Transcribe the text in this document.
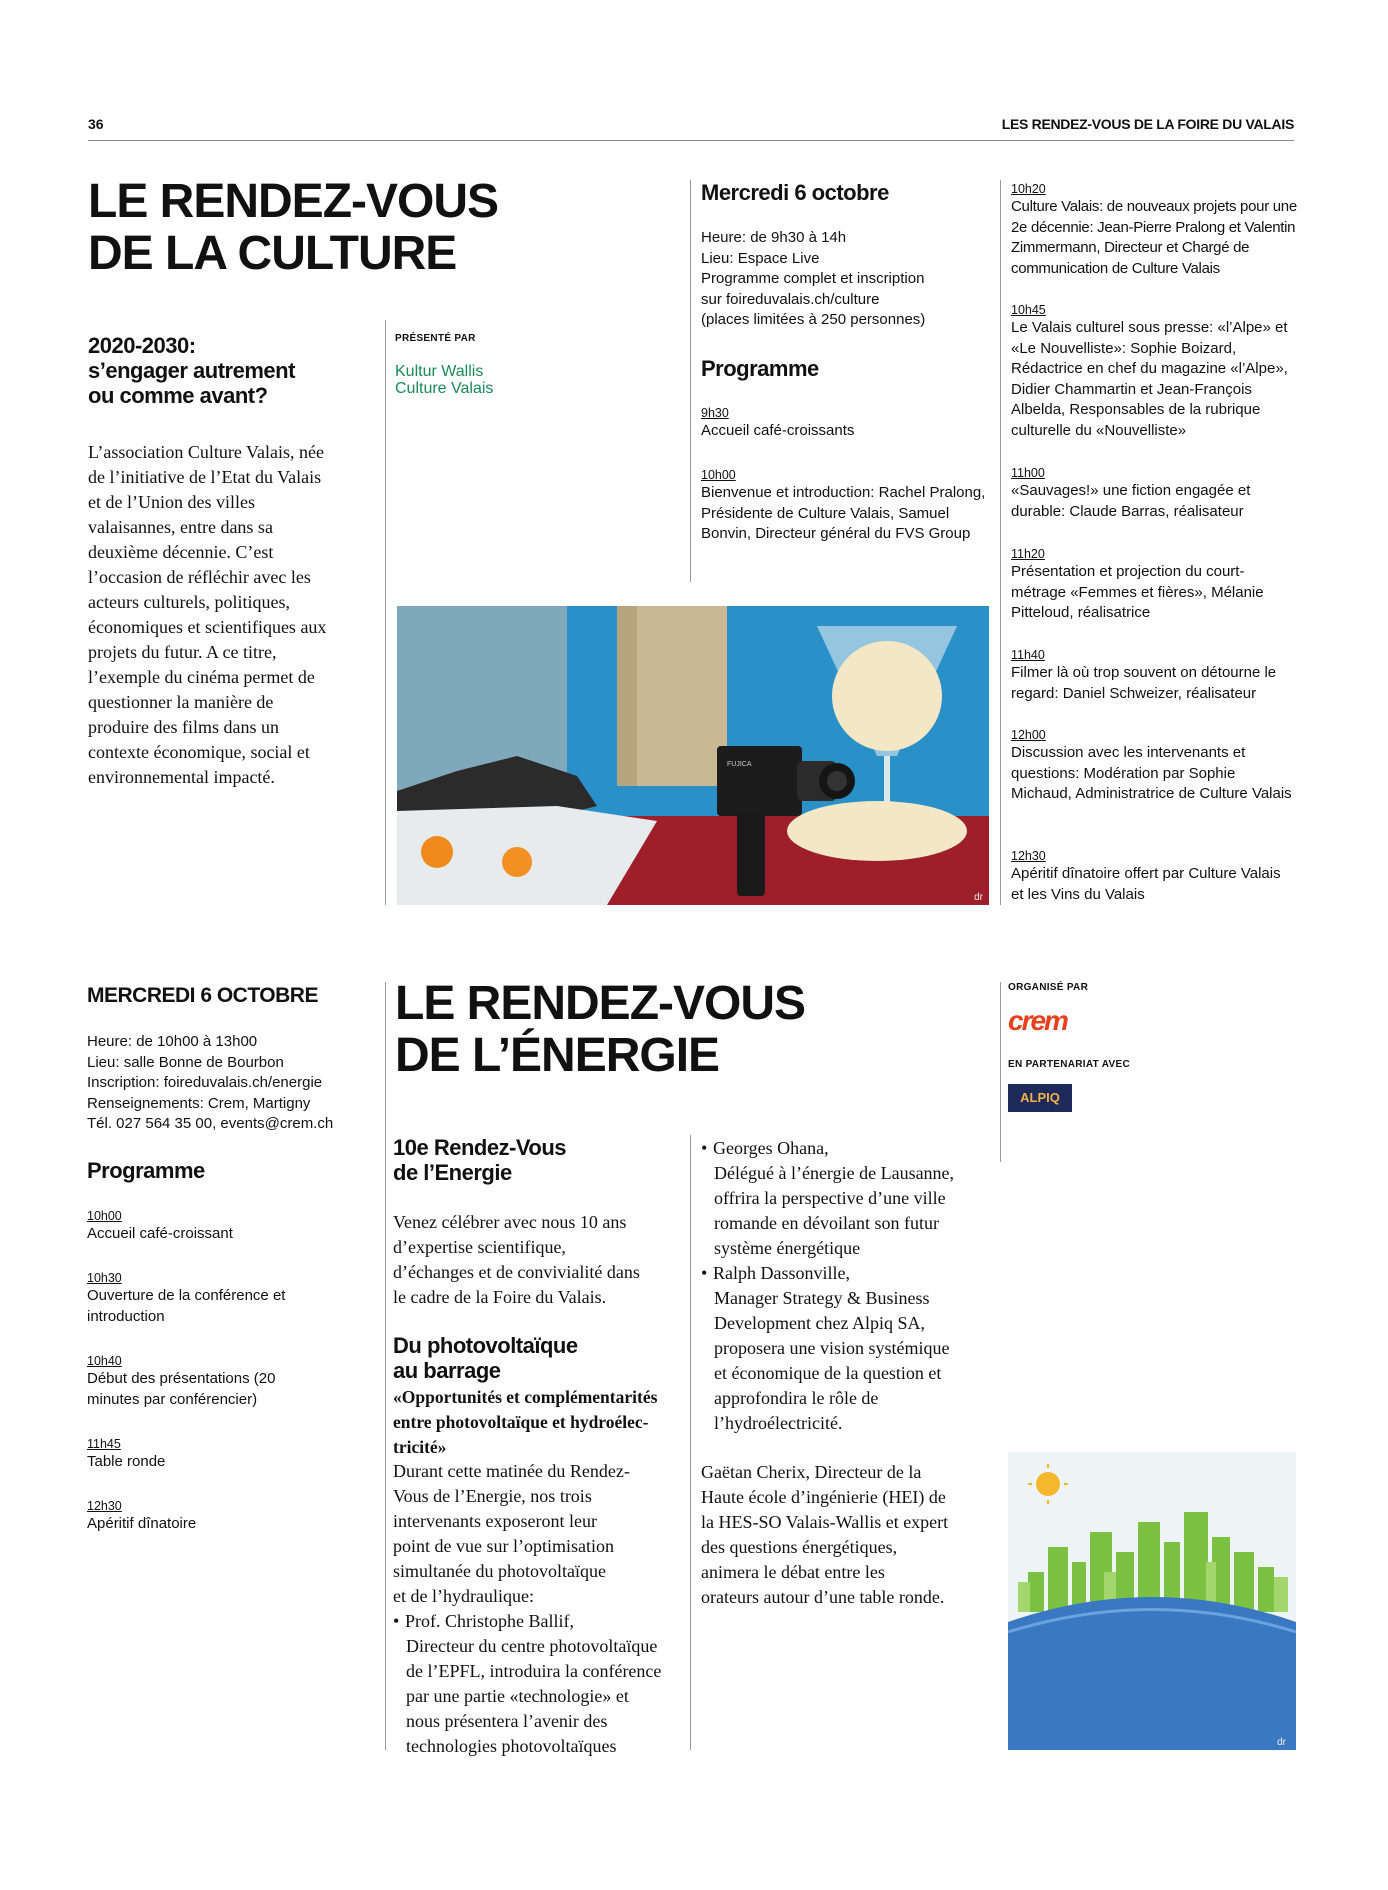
36	LES RENDEZ-VOUS DE LA FOIRE DU VALAIS
LE RENDEZ-VOUS
DE LA CULTURE
2020-2030:
s’engager autrement
ou comme avant?
L’association Culture Valais, née
de l’initiative de l’Etat du Valais
et de l’Union des villes
valaisannes, entre dans sa
deuxième décennie. C’est
l’occasion de réfléchir avec les
acteurs culturels, politiques,
économiques et scientifiques aux
projets du futur. A ce titre,
l’exemple du cinéma permet de
questionner la manière de
produire des films dans un
contexte économique, social et
environnemental impacté.
PRÉSENTÉ PAR
Kultur Wallis
Culture Valais
Mercredi 6 octobre
Heure: de 9h30 à 14h
Lieu: Espace Live
Programme complet et inscription
sur foireduvalais.ch/culture
(places limitées à 250 personnes)
Programme
9h30
Accueil café-croissants
10h00
Bienvenue et introduction: Rachel Pralong, Présidente de Culture Valais, Samuel Bonvin, Directeur général du FVS Group
10h20
Culture Valais: de nouveaux projets pour une 2e décennie: Jean-Pierre Pralong et Valentin Zimmermann, Directeur et Chargé de communication de Culture Valais
10h45
Le Valais culturel sous presse: «l’Alpe» et «Le Nouvelliste»: Sophie Boizard, Rédactrice en chef du magazine «l’Alpe», Didier Chammartin et Jean-François Albelda, Responsables de la rubrique culturelle du «Nouvelliste»
11h00
«Sauvages!» une fiction engagée et durable: Claude Barras, réalisateur
11h20
Présentation et projection du court-métrage «Femmes et fières», Mélanie Pitteloud, réalisatrice
11h40
Filmer là où trop souvent on détourne le regard: Daniel Schweizer, réalisateur
12h00
Discussion avec les intervenants et questions: Modération par Sophie Michaud, Administratrice de Culture Valais
12h30
Apéritif dînatoire offert par Culture Valais et les Vins du Valais
FUJICA
dr
MERCREDI 6 OCTOBRE
Heure: de 10h00 à 13h00
Lieu: salle Bonne de Bourbon
Inscription: foireduvalais.ch/energie
Renseignements: Crem, Martigny
Tél. 027 564 35 00, events@crem.ch
Programme
10h00
Accueil café-croissant
10h30
Ouverture de la conférence et introduction
10h40
Début des présentations (20 minutes par conférencier)
11h45
Table ronde
12h30
Apéritif dînatoire
LE RENDEZ-VOUS
DE L’ÉNERGIE
10e Rendez-Vous
de l’Energie
Venez célébrer avec nous 10 ans
d’expertise scientifique,
d’échanges et de convivialité dans
le cadre de la Foire du Valais.
Du photovoltaïque
au barrage
«Opportunités et complémentarités
entre photovoltaïque et hydroélec-
tricité»
Durant cette matinée du Rendez-
Vous de l’Energie, nos trois
intervenants exposeront leur
point de vue sur l’optimisation
simultanée du photovoltaïque
et de l’hydraulique:
• Prof. Christophe Ballif,
Directeur du centre photovoltaïque
de l’EPFL, introduira la conférence
par une partie «technologie» et
nous présentera l’avenir des
technologies photovoltaïques
• Georges Ohana,
Délégué à l’énergie de Lausanne,
offrira la perspective d’une ville
romande en dévoilant son futur
système énergétique
• Ralph Dassonville,
Manager Strategy & Business
Development chez Alpiq SA,
proposera une vision systémique
et économique de la question et
approfondira le rôle de
l’hydroélectricité.
Gaëtan Cherix, Directeur de la
Haute école d’ingénierie (HEI) de
la HES-SO Valais-Wallis et expert
des questions énergétiques,
animera le débat entre les
orateurs autour d’une table ronde.
ORGANISÉ PAR
crem
EN PARTENARIAT AVEC
ALPIQ
dr
